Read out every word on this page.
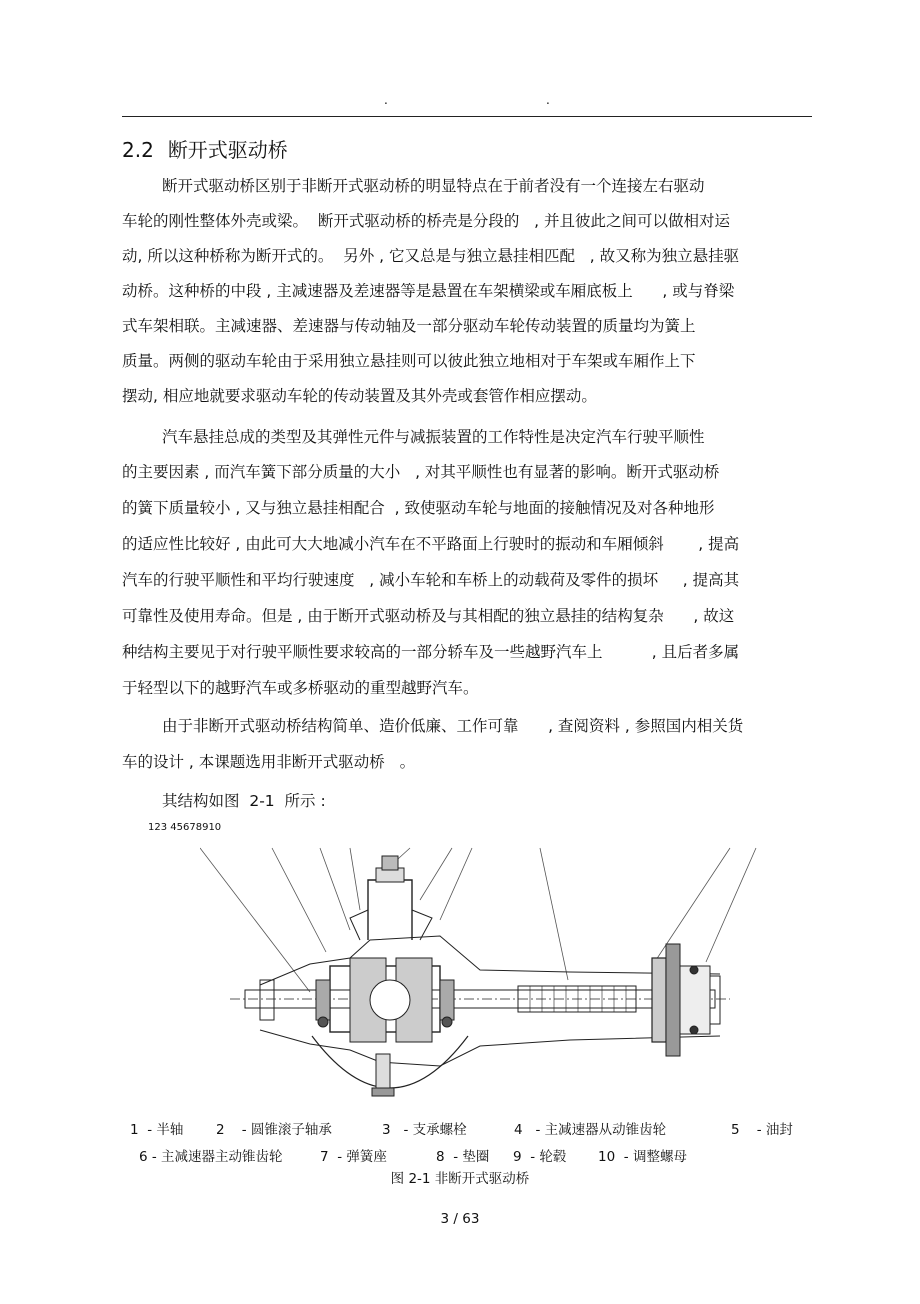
.	.
2.2 断开式驱动桥
断开式驱动桥区别于非断开式驱动桥的明显特点在于前者没有一个连接左右驱动
车轮的刚性整体外壳或梁。  断开式驱动桥的桥壳是分段的   , 并且彼此之间可以做相对运
动, 所以这种桥称为断开式的。  另外 , 它又总是与独立悬挂相匹配   , 故又称为独立悬挂驱
动桥。这种桥的中段 , 主减速器及差速器等是悬置在车架横梁或车厢底板上      , 或与脊梁
式车架相联。主减速器、差速器与传动轴及一部分驱动车轮传动装置的质量均为簧上
质量。两侧的驱动车轮由于采用独立悬挂则可以彼此独立地相对于车架或车厢作上下
摆动, 相应地就要求驱动车轮的传动装置及其外壳或套管作相应摆动。
汽车悬挂总成的类型及其弹性元件与减振装置的工作特性是决定汽车行驶平顺性
的主要因素 , 而汽车簧下部分质量的大小   , 对其平顺性也有显著的影响。断开式驱动桥
的簧下质量较小 , 又与独立悬挂相配合  , 致使驱动车轮与地面的接触情况及对各种地形
的适应性比较好 , 由此可大大地减小汽车在不平路面上行驶时的振动和车厢倾斜       , 提高
汽车的行驶平顺性和平均行驶速度   , 减小车轮和车桥上的动载荷及零件的损坏     , 提高其
可靠性及使用寿命。但是 , 由于断开式驱动桥及与其相配的独立悬挂的结构复杂      , 故这
种结构主要见于对行驶平顺性要求较高的一部分轿车及一些越野汽车上          , 且后者多属
于轻型以下的越野汽车或多桥驱动的重型越野汽车。
由于非断开式驱动桥结构简单、造价低廉、工作可靠      , 查阅资料 , 参照国内相关货
车的设计 , 本课题选用非断开式驱动桥   。
其结构如图  2-1  所示 :
123 45678910
1 - 半轴 2 - 圆锥滚子轴承	3 - 支承螺栓	4 - 主减速器从动锥齿轮	5 - 油封
6 - 主减速器主动锥齿轮	7 - 弹簧座	8 - 垫圈 9 - 轮毂 10 - 调整螺母
图 2-1 非断开式驱动桥
3 / 63
